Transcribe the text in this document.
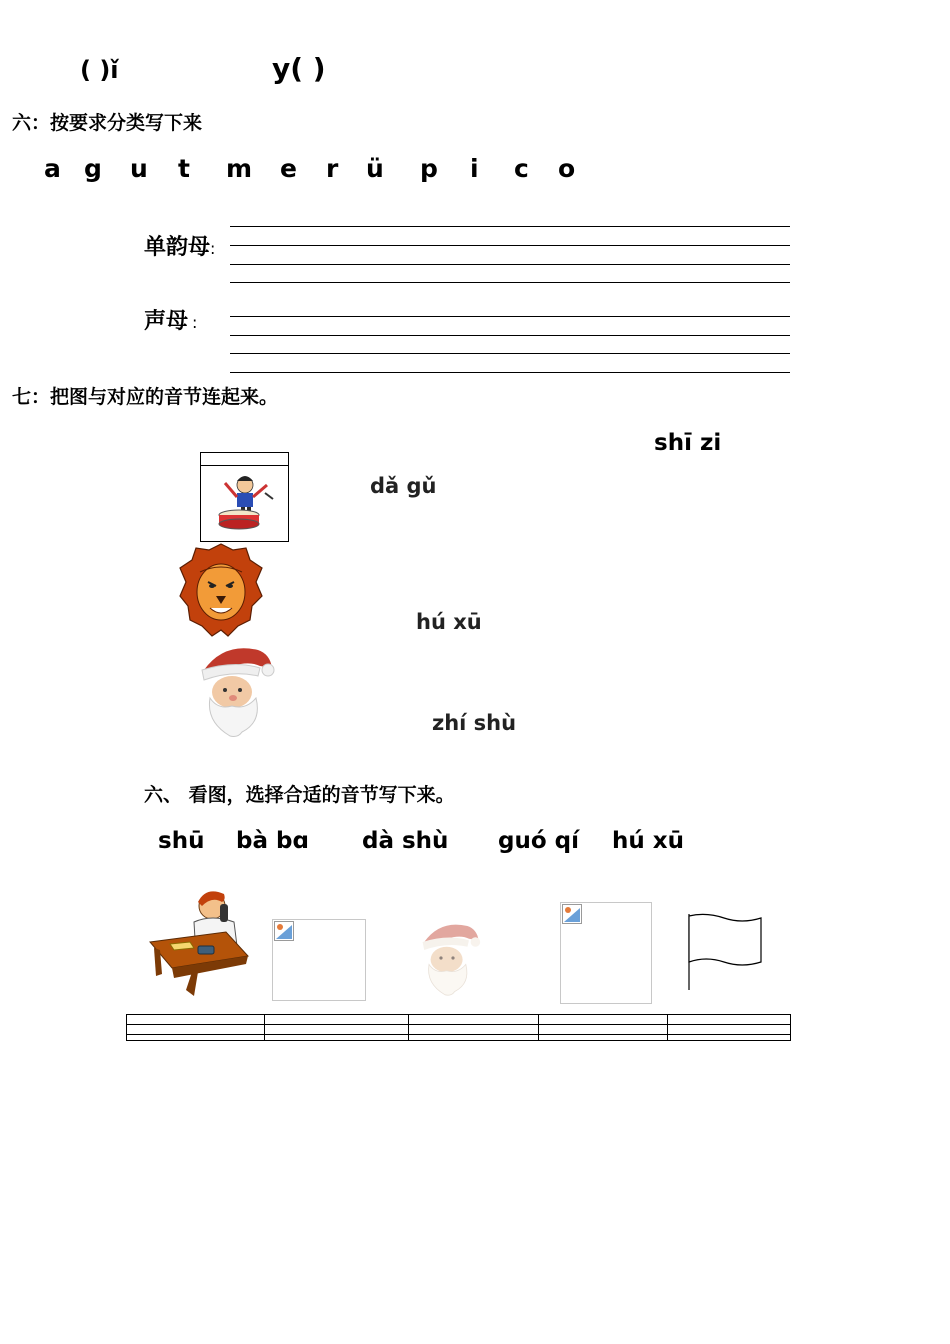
( )ǐ	y( )
六：按要求分类写下来
a g u t m e r ü p i c o
单韵母:
声母 :
七：把图与对应的音节连起来。
shī zi
dǎ gǔ
hú xū
zhí shù
六、 看图，选择合适的音节写下来。
shū bà bɑ dà shù guó qí hú xū
